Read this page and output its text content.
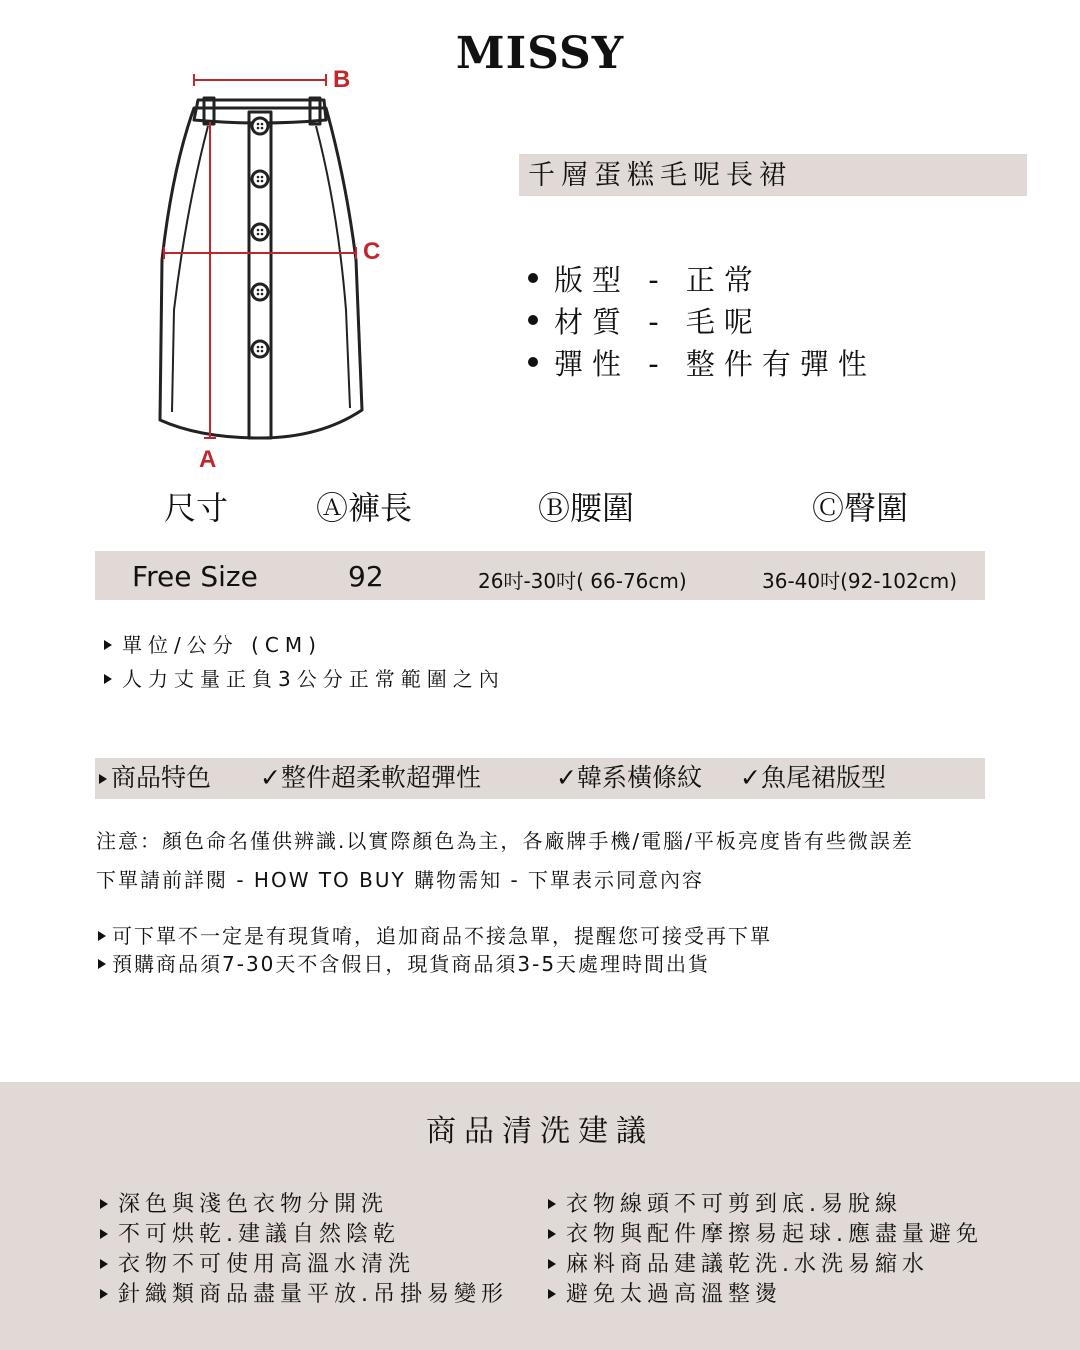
MISSY
B
C
A
千層蛋糕毛呢長裙
版型 - 正常
材質 - 毛呢
彈性 - 整件有彈性
尺寸	Ⓐ褲長	Ⓑ腰圍	Ⓒ臀圍
Free Size	92	26吋-30吋( 66-76cm)	36-40吋(92-102cm)
單位/公分 (CM)
人力丈量正負3公分正常範圍之內
商品特色 ✓整件超柔軟超彈性	✓韓系橫條紋 ✓魚尾裙版型
注意：顏色命名僅供辨識.以實際顏色為主，各廠牌手機/電腦/平板亮度皆有些微誤差
下單請前詳閱 - HOW TO BUY 購物需知 - 下單表示同意內容
可下單不一定是有現貨唷，追加商品不接急單，提醒您可接受再下單
預購商品須7-30天不含假日，現貨商品須3-5天處理時間出貨
商品清洗建議
深色與淺色衣物分開洗
不可烘乾.建議自然陰乾
衣物不可使用高溫水清洗
針織類商品盡量平放.吊掛易變形
衣物線頭不可剪到底.易脫線
衣物與配件摩擦易起球.應盡量避免
麻料商品建議乾洗.水洗易縮水
避免太過高溫整燙
